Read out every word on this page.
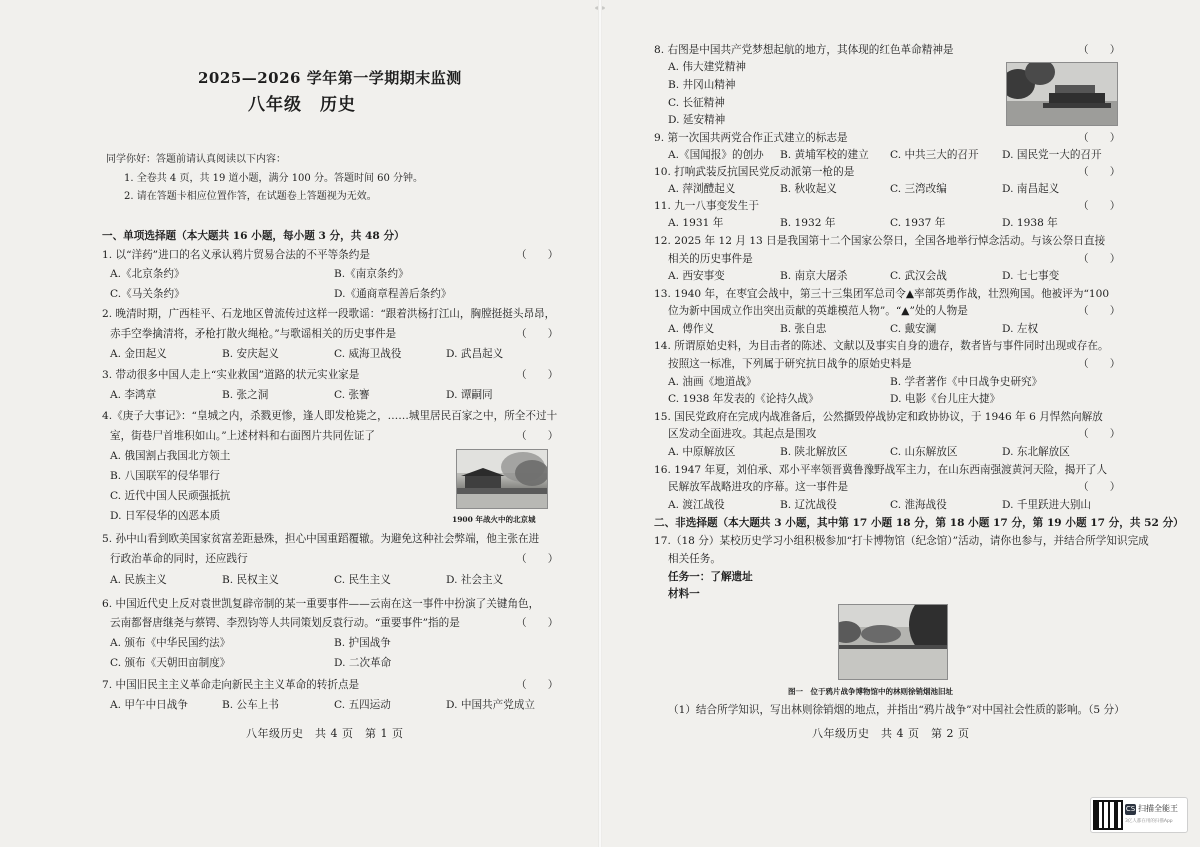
2025—2026 学年第一学期期末监测
八年级　历史
同学你好：答题前请认真阅读以下内容：
1. 全卷共 4 页，共 19 道小题，满分 100 分。答题时间 60 分钟。
2. 请在答题卡相应位置作答，在试题卷上答题视为无效。
一、单项选择题（本大题共 16 小题，每小题 3 分，共 48 分）
1. 以“洋药”进口的名义承认鸦片贸易合法的不平等条约是	（　　）
A.《北京条约》	B.《南京条约》
C.《马关条约》	D.《通商章程善后条约》
2. 晚清时期，广西桂平、石龙地区曾流传过这样一段歌谣：“跟着洪杨打江山，胸膛挺挺头昂昂，
赤手空拳擒清将，矛枪打散火绳枪。”与歌谣相关的历史事件是	（　　）
A. 金田起义	B. 安庆起义	C. 威海卫战役	D. 武昌起义
3. 带动很多中国人走上“实业救国”道路的状元实业家是	（　　）
A. 李鸿章	B. 张之洞	C. 张謇	D. 谭嗣同
4.《庚子大事记》：“皇城之内，杀戮更惨，逢人即发枪毙之，……城里居民百家之中，所全不过十
室，街巷尸首堆积如山。”上述材料和右面图片共同佐证了	（　　）
A. 俄国割占我国北方领土
B. 八国联军的侵华罪行
C. 近代中国人民顽强抵抗
D. 日军侵华的凶恶本质	1900 年战火中的北京城
5. 孙中山看到欧美国家贫富差距悬殊，担心中国重蹈覆辙。为避免这种社会弊端，他主张在进
行政治革命的同时，还应践行	（　　）
A. 民族主义	B. 民权主义	C. 民生主义	D. 社会主义
6. 中国近代史上反对袁世凯复辟帝制的某一重要事件——云南在这一事件中扮演了关键角色，
云南都督唐继尧与蔡锷、李烈钧等人共同策划反袁行动。“重要事件”指的是	（　　）
A. 颁布《中华民国约法》	B. 护国战争
C. 颁布《天朝田亩制度》	D. 二次革命
7. 中国旧民主主义革命走向新民主主义革命的转折点是	（　　）
A. 甲午中日战争	B. 公车上书	C. 五四运动	D. 中国共产党成立
八年级历史　共 4 页　第 1 页
8. 右图是中国共产党梦想起航的地方，其体现的红色革命精神是	（　　）
A. 伟大建党精神
B. 井冈山精神
C. 长征精神
D. 延安精神
9. 第一次国共两党合作正式建立的标志是	（　　）
A.《国闻报》的创办 B. 黄埔军校的建立 C. 中共三大的召开 D. 国民党一大的召开
10. 打响武装反抗国民党反动派第一枪的是	（　　）
A. 萍浏醴起义	B. 秋收起义	C. 三湾改编	D. 南昌起义
11. 九一八事变发生于	（　　）
A. 1931 年	B. 1932 年	C. 1937 年	D. 1938 年
12. 2025 年 12 月 13 日是我国第十二个国家公祭日，全国各地举行悼念活动。与该公祭日直接
相关的历史事件是	（　　）
A. 西安事变	B. 南京大屠杀	C. 武汉会战	D. 七七事变
13. 1940 年，在枣宜会战中，第三十三集团军总司令▲率部英勇作战，壮烈殉国。他被评为“100
位为新中国成立作出突出贡献的英雄模范人物”。“▲”处的人物是	（　　）
A. 傅作义	B. 张自忠	C. 戴安澜	D. 左权
14. 所谓原始史料，为目击者的陈述、文献以及事实自身的遗存，数者皆与事件同时出现或存在。
按照这一标准，下列属于研究抗日战争的原始史料是	（　　）
A. 油画《地道战》	B. 学者著作《中日战争史研究》
C. 1938 年发表的《论持久战》	D. 电影《台儿庄大捷》
15. 国民党政府在完成内战准备后，公然撕毁停战协定和政协协议，于 1946 年 6 月悍然向解放
区发动全面进攻。其起点是围攻	（　　）
A. 中原解放区	B. 陕北解放区	C. 山东解放区	D. 东北解放区
16. 1947 年夏，刘伯承、邓小平率领晋冀鲁豫野战军主力，在山东西南强渡黄河天险，揭开了人
民解放军战略进攻的序幕。这一事件是	（　　）
A. 渡江战役	B. 辽沈战役	C. 淮海战役	D. 千里跃进大别山
二、非选择题（本大题共 3 小题，其中第 17 小题 18 分，第 18 小题 17 分，第 19 小题 17 分，共 52 分）
17.（18 分）某校历史学习小组积极参加“打卡博物馆（纪念馆）”活动，请你也参与，并结合所学知识完成
相关任务。
任务一：了解遗址
材料一
图一　位于鸦片战争博物馆中的林则徐销烟池旧址
（1）结合所学知识，写出林则徐销烟的地点，并指出“鸦片战争”对中国社会性质的影响。（5 分）
八年级历史　共 4 页　第 2 页
CS 扫描全能王
3亿人都在用的扫描App
